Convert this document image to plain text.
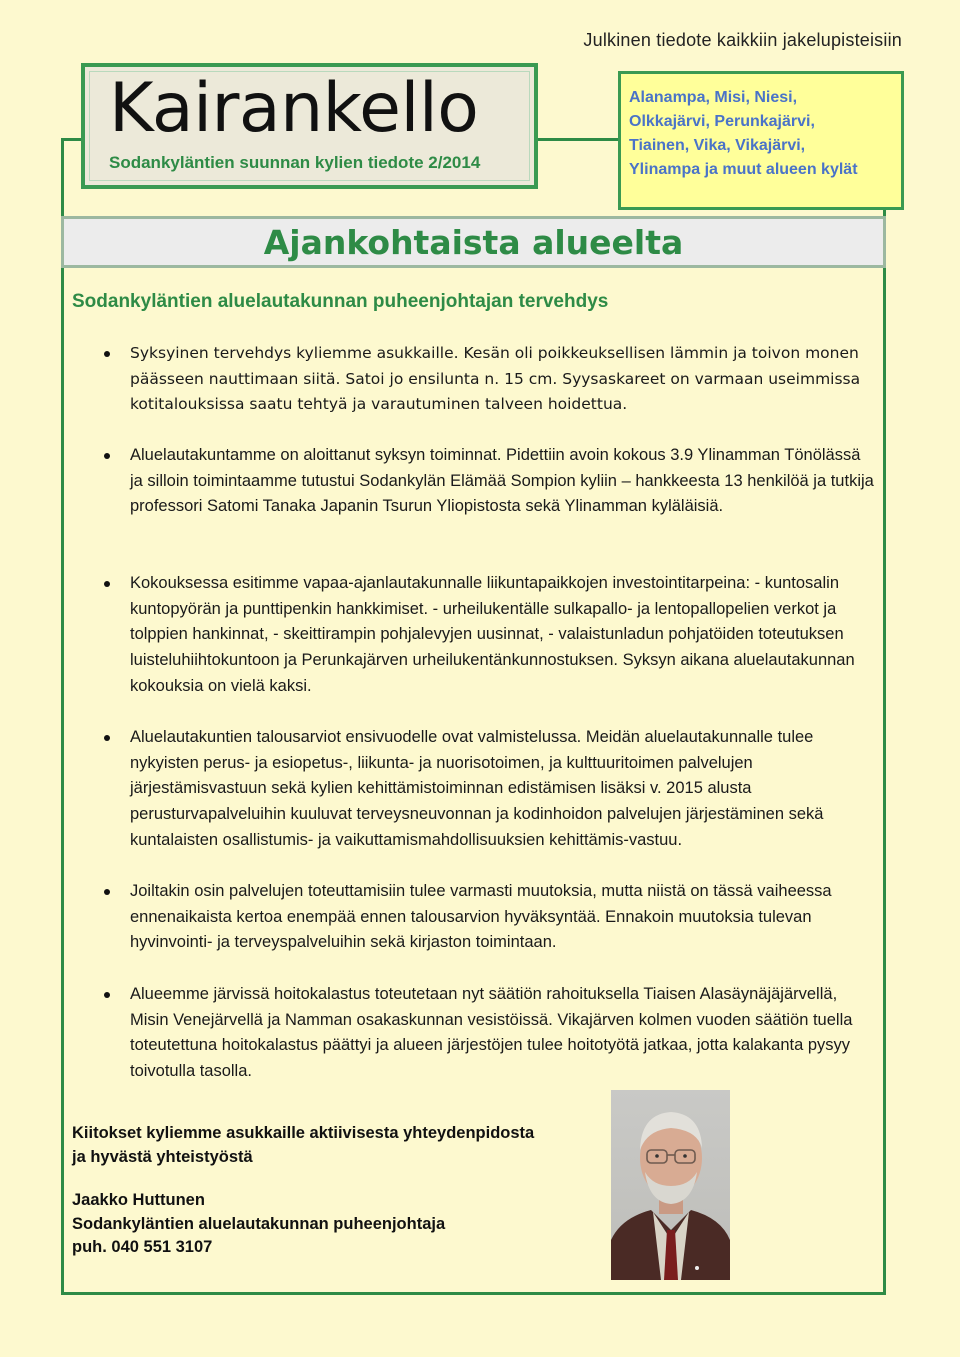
Julkinen tiedote kaikkiin jakelupisteisiin
Kairankello
Sodankyläntien suunnan kylien tiedote 2/2014
Alanampa, Misi, Niesi,
Olkkajärvi, Perunkajärvi,
Tiainen, Vika, Vikajärvi,
Ylinampa ja muut alueen kylät
Ajankohtaista alueelta
Sodankyläntien aluelautakunnan puheenjohtajan tervehdys
Syksyinen tervehdys kyliemme asukkaille. Kesän oli poikkeuksellisen lämmin ja toivon monen päässeen nauttimaan siitä. Satoi jo ensilunta n. 15 cm. Syysaskareet on varmaan useimmissa kotitalouksissa saatu tehtyä ja varautuminen talveen hoidettua.
Aluelautakuntamme on aloittanut syksyn toiminnat. Pidettiin avoin kokous 3.9 Ylinamman Tönölässä ja silloin toimintaamme tutustui Sodankylän Elämää Sompion kyliin – hankkeesta 13 henkilöä ja tutkija professori Satomi Tanaka Japanin Tsurun Yliopistosta sekä Ylinamman kyläläisiä.
Kokouksessa esitimme vapaa-ajanlautakunnalle liikuntapaikkojen investointitarpeina: - kuntosalin kuntopyörän ja punttipenkin hankkimiset. - urheilukentälle sulkapallo- ja lentopallopelien verkot ja tolppien hankinnat, - skeittirampin pohjalevyjen uusinnat, - valaistunladun pohjatöiden toteutuksen luisteluhiihtokuntoon ja Perunkajärven urheilukentänkunnostuksen. Syksyn aikana aluelautakunnan kokouksia on vielä kaksi.
Aluelautakuntien talousarviot ensivuodelle ovat valmistelussa. Meidän aluelautakunnalle tulee nykyisten perus- ja esiopetus-, liikunta- ja nuorisotoimen, ja kulttuuritoimen palvelujen järjestämisvastuun sekä kylien kehittämistoiminnan edistämisen lisäksi v. 2015 alusta perusturvapalveluihin kuuluvat terveysneuvonnan ja kodinhoidon palvelujen järjestäminen sekä kuntalaisten osallistumis- ja vaikuttamismahdollisuuksien kehittämis-vastuu.
Joiltakin osin palvelujen toteuttamisiin tulee varmasti muutoksia, mutta niistä on tässä vaiheessa ennenaikaista kertoa enempää ennen talousarvion hyväksyntää. Ennakoin muutoksia tulevan hyvinvointi- ja terveyspalveluihin sekä kirjaston toimintaan.
Alueemme järvissä hoitokalastus toteutetaan nyt säätiön rahoituksella Tiaisen Alasäynäjäjärvellä, Misin Venejärvellä ja Namman osakaskunnan vesistöissä. Vikajärven kolmen vuoden säätiön tuella toteutettuna hoitokalastus päättyi ja alueen järjestöjen tulee hoitotyötä jatkaa, jotta kalakanta pysyy toivotulla tasolla.
Kiitokset kyliemme asukkaille aktiivisesta yhteydenpidosta
ja hyvästä yhteistyöstä
Jaakko Huttunen
Sodankyläntien aluelautakunnan puheenjohtaja
puh. 040 551 3107
